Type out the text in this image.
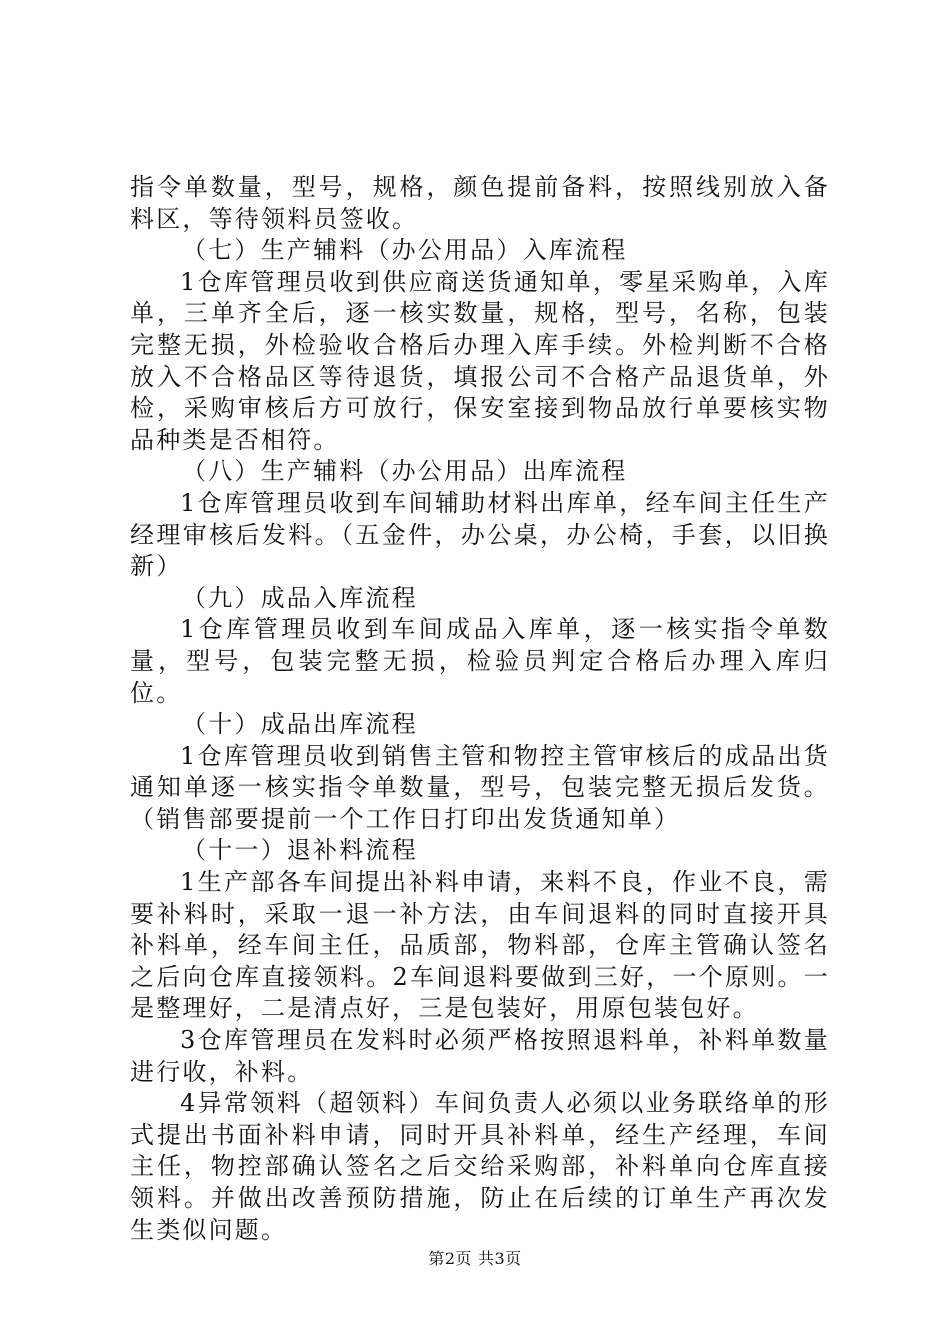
指令单数量，型号，规格，颜色提前备料，按照线别放入备料区，等待领料员签收。

（七）生产辅料（办公用品）入库流程

1仓库管理员收到供应商送货通知单，零星采购单，入库单，三单齐全后，逐一核实数量，规格，型号，名称，包装完整无损，外检验收合格后办理入库手续。外检判断不合格放入不合格品区等待退货，填报公司不合格产品退货单，外检，采购审核后方可放行，保安室接到物品放行单要核实物品种类是否相符。

（八）生产辅料（办公用品）出库流程

1仓库管理员收到车间辅助材料出库单，经车间主任生产经理审核后发料。（五金件，办公桌，办公椅，手套，以旧换新）

（九）成品入库流程

1仓库管理员收到车间成品入库单，逐一核实指令单数量，型号，包装完整无损，检验员判定合格后办理入库归位。

（十）成品出库流程

1仓库管理员收到销售主管和物控主管审核后的成品出货通知单逐一核实指令单数量，型号，包装完整无损后发货。（销售部要提前一个工作日打印出发货通知单）

（十一）退补料流程

1生产部各车间提出补料申请，来料不良，作业不良，需要补料时，采取一退一补方法，由车间退料的同时直接开具补料单，经车间主任，品质部，物料部，仓库主管确认签名之后向仓库直接领料。2车间退料要做到三好，一个原则。一是整理好，二是清点好，三是包装好，用原包装包好。

3仓库管理员在发料时必须严格按照退料单，补料单数量进行收，补料。

4异常领料（超领料）车间负责人必须以业务联络单的形式提出书面补料申请，同时开具补料单，经生产经理，车间主任，物控部确认签名之后交给采购部，补料单向仓库直接领料。并做出改善预防措施，防止在后续的订单生产再次发生类似问题。

第2页 共3页
